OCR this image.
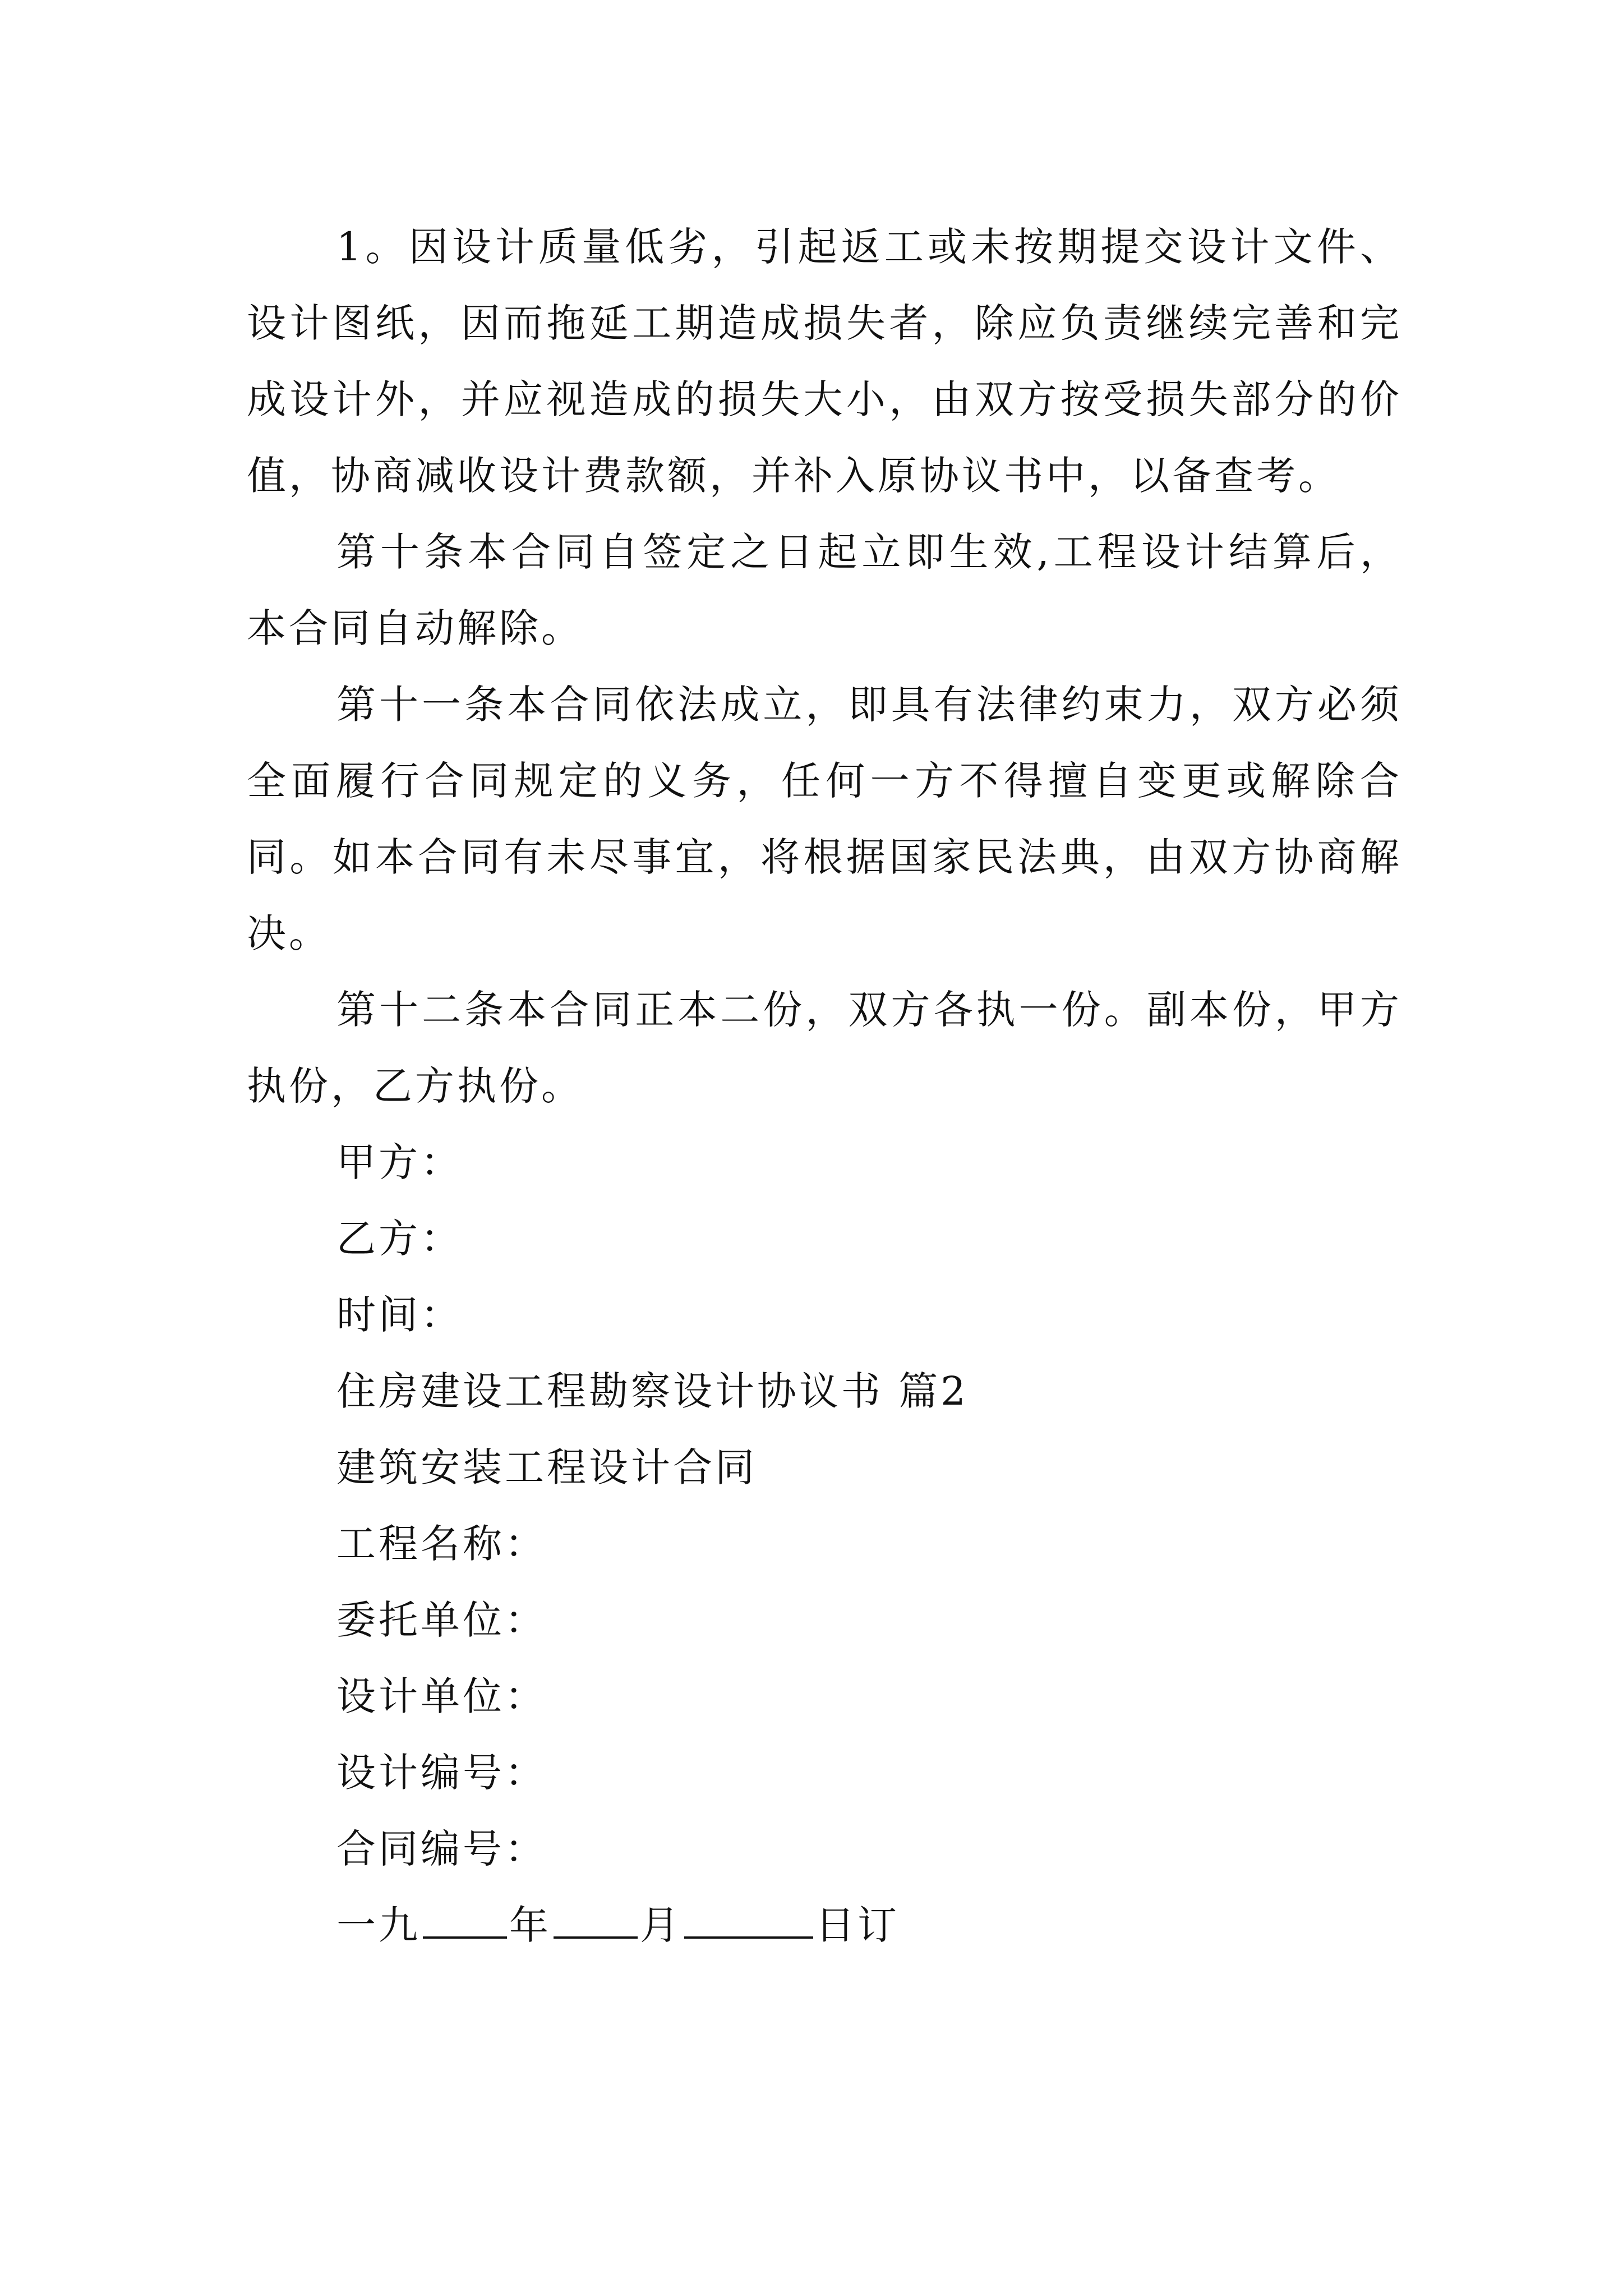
1。因设计质量低劣，引起返工或未按期提交设计文件、设计图纸，因而拖延工期造成损失者，除应负责继续完善和完成设计外，并应视造成的损失大小，由双方按受损失部分的价值，协商减收设计费款额，并补入原协议书中，以备查考。

第十条本合同自签定之日起立即生效,工程设计结算后，本合同自动解除。

第十一条本合同依法成立，即具有法律约束力，双方必须全面履行合同规定的义务，任何一方不得擅自变更或解除合同。如本合同有未尽事宜，将根据国家民法典，由双方协商解决。

第十二条本合同正本二份，双方各执一份。副本份，甲方执份，乙方执份。

甲方：

乙方：

时间：

住房建设工程勘察设计协议书 篇2

建筑安装工程设计合同

工程名称：

委托单位：

设计单位：

设计编号：

合同编号：

一九 年 月	日订
